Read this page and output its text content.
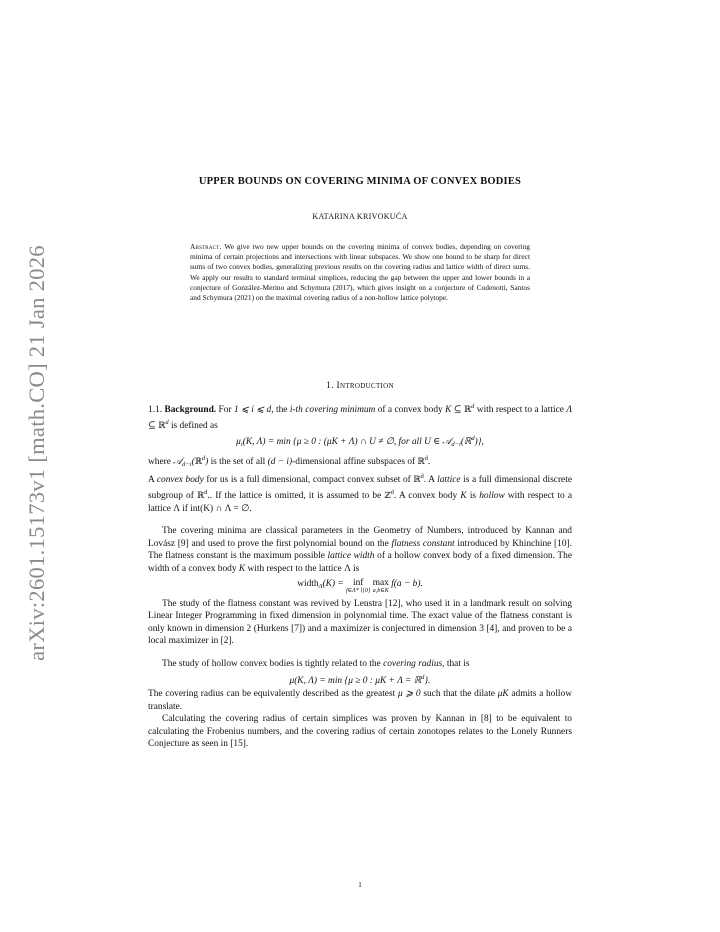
arXiv:2601.15173v1 [math.CO] 21 Jan 2026
UPPER BOUNDS ON COVERING MINIMA OF CONVEX BODIES
KATARINA KRIVOKUĆA
Abstract. We give two new upper bounds on the covering minima of convex bodies, depending on covering minima of certain projections and intersections with linear subspaces. We show one bound to be sharp for direct sums of two convex bodies, generalizing previous results on the covering radius and lattice width of direct sums. We apply our results to standard terminal simplices, reducing the gap between the upper and lower bounds in a conjecture of González-Merino and Schymura (2017), which gives insight on a conjecture of Codenotti, Santos and Schymura (2021) on the maximal covering radius of a non-hollow lattice polytope.
1. Introduction

1.1. Background. For 1 ⩽ i ⩽ d, the i-th covering minimum of a convex body K ⊆ ℝ$^d$ with respect to a lattice Λ ⊆ ℝ$^d$ is defined as

$\mu_i(K$, Λ) = min {μ ≥ 0 : (μK + Λ) ∩ U ≠ ∅, for all U ∈ 𝒜$_{d-i}$(ℝ$^d$)},

where 𝒜$_{d-i}$(ℝ$^d$) is the set of all (d − i)-dimensional affine subspaces of ℝ$^d$.

A convex body for us is a full dimensional, compact convex subset of ℝ$^d$. A lattice is a full dimensional discrete subgroup of ℝ$^d$.. If the lattice is omitted, it is assumed to be ℤ$^d$. A convex body K is hollow with respect to a lattice Λ if int(K) ∩ Λ = ∅.

The covering minima are classical parameters in the Geometry of Numbers, introduced by Kannan and Lovász [9] and used to prove the first polynomial bound on the flatness constant introduced by Khinchine [10]. The flatness constant is the maximum possible lattice width of a hollow convex body of a fixed dimension. The width of a convex body K with respect to the lattice Λ is

width$_\Lambda$(K) = inf
f∈Λ*∖{0}

max
a,b∈K
f(a − b).

The study of the flatness constant was revived by Lenstra [12], who used it in a landmark result on solving Linear Integer Programming in fixed dimension in polynomial time. The exact value of the flatness constant is only known in dimension 2 (Hurkens [7]) and a maximizer is conjectured in dimension 3 [4], and proven to be a local maximizer in [2].

The study of hollow convex bodies is tightly related to the covering radius, that is

μ(K, Λ) = min {μ ≥ 0 : μK + Λ = ℝ$^d$}.

The covering radius can be equivalently described as the greatest μ ⩾ 0 such that the dilate μK admits a hollow translate.

Calculating the covering radius of certain simplices was proven by Kannan in [8] to be equivalent to calculating the Frobenius numbers, and the covering radius of certain zonotopes relates to the Lonely Runners Conjecture as seen in [15].

1
